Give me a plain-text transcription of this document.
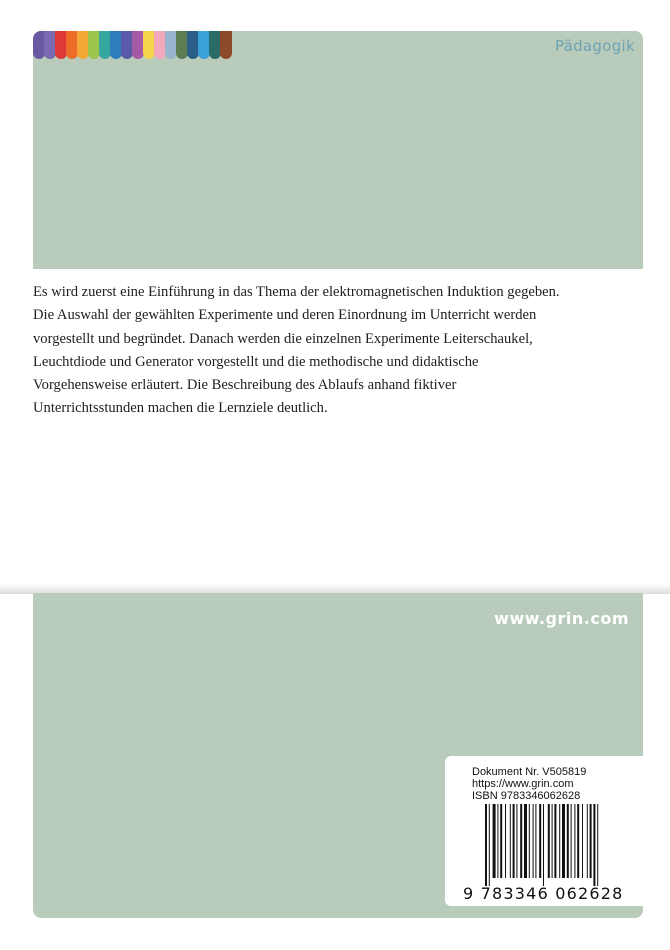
Pädagogik
Es wird zuerst eine Einführung in das Thema der elektromagnetischen Induktion gegeben.
Die Auswahl der gewählten Experimente und deren Einordnung im Unterricht werden
vorgestellt und begründet. Danach werden die einzelnen Experimente Leiterschaukel,
Leuchtdiode und Generator vorgestellt und die methodische und didaktische
Vorgehensweise erläutert. Die Beschreibung des Ablaufs anhand fiktiver
Unterrichtsstunden machen die Lernziele deutlich.
www.grin.com
Dokument Nr. V505819
https://www.grin.com
ISBN 9783346062628
9 783346 062628
